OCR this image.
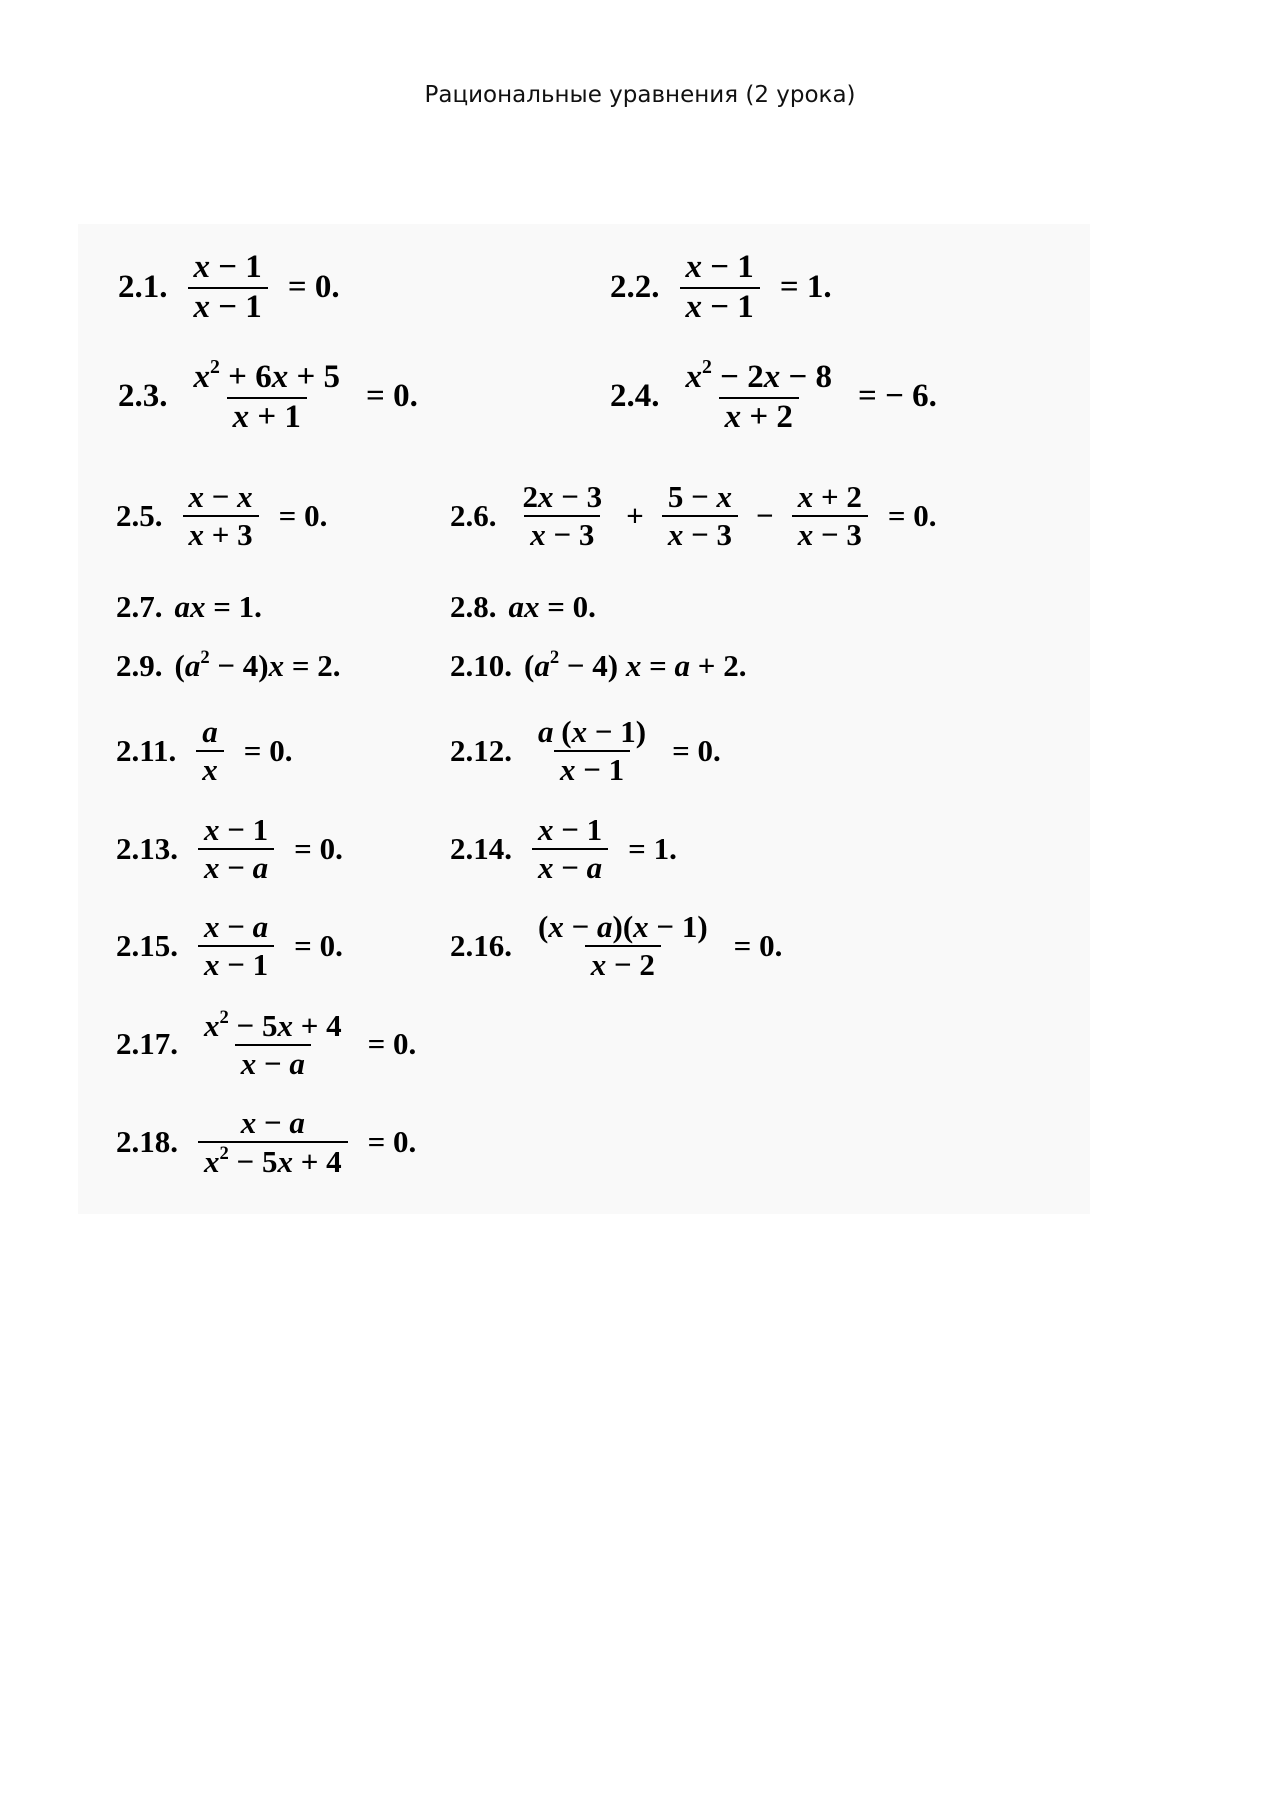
Рациональные уравнения (2 урока)
2.1. $\frac{x - 1}{x - 1} = 0$.	2.2. $\frac{x - 1}{x - 1} = 1$.
2.3. $\frac{x^2 + 6x + 5}{x + 1} = 0$.	2.4. $\frac{x^2 - 2x - 8}{x + 2}$ = − 6.
2.5. $\frac{x - x}{x + 3} = 0$.	2.6. $\frac{2x - 3}{x - 3} + \frac{5 - x}{x - 3} - \frac{x + 2}{x - 3} = 0$.
2.7. ax = 1.	2.8. ax = 0.
2.9. $(a^2 - 4)x = 2$.	2.10. $(a^2 - 4) x = a + 2$.
2.11. $\frac{a}{x} = 0$.	2.12. $\frac{a (x - 1)}{x - 1} = 0$.
2.13. $\frac{x - 1}{x - a} = 0$.	2.14. $\frac{x - 1}{x - a} = 1$.
2.15. $\frac{x - a}{x - 1} = 0$.	2.16. $\frac{(x - a)(x - 1)}{x - 2} = 0$.
2.17. $\frac{x^2 - 5x + 4}{x - a} = 0$.
2.18. $\frac{x - a}{x^2 - 5x + 4} = 0$.
